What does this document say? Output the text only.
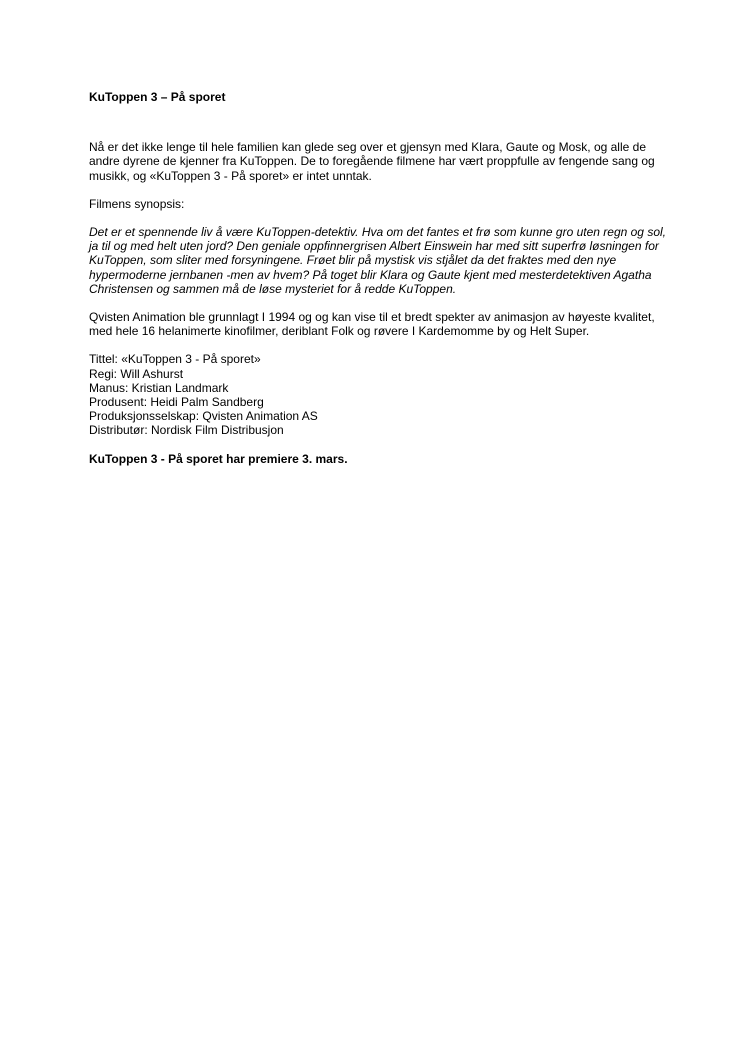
KuToppen 3 – På sporet
Nå er det ikke lenge til hele familien kan glede seg over et gjensyn med Klara, Gaute og Mosk, og alle de andre dyrene de kjenner fra KuToppen. De to foregående filmene har vært proppfulle av fengende sang og musikk, og «KuToppen 3 - På sporet» er intet unntak.
Filmens synopsis:
Det er et spennende liv å være KuToppen-detektiv. Hva om det fantes et frø som kunne gro uten regn og sol, ja til og med helt uten jord? Den geniale oppfinnergrisen Albert Einswein har med sitt superfrø løsningen for KuToppen, som sliter med forsyningene. Frøet blir på mystisk vis stjålet da det fraktes med den nye hypermoderne jernbanen -men av hvem? På toget blir Klara og Gaute kjent med mesterdetektiven Agatha Christensen og sammen må de løse mysteriet for å redde KuToppen.
Qvisten Animation ble grunnlagt I 1994 og og kan vise til et bredt spekter av animasjon av høyeste kvalitet, med hele 16 helanimerte kinofilmer, deriblant Folk og røvere I Kardemomme by og Helt Super.
Tittel: «KuToppen 3 - På sporet»
Regi: Will Ashurst
Manus: Kristian Landmark
Produsent: Heidi Palm Sandberg
Produksjonsselskap: Qvisten Animation AS
Distributør: Nordisk Film Distribusjon
KuToppen 3 - På sporet har premiere 3. mars.
